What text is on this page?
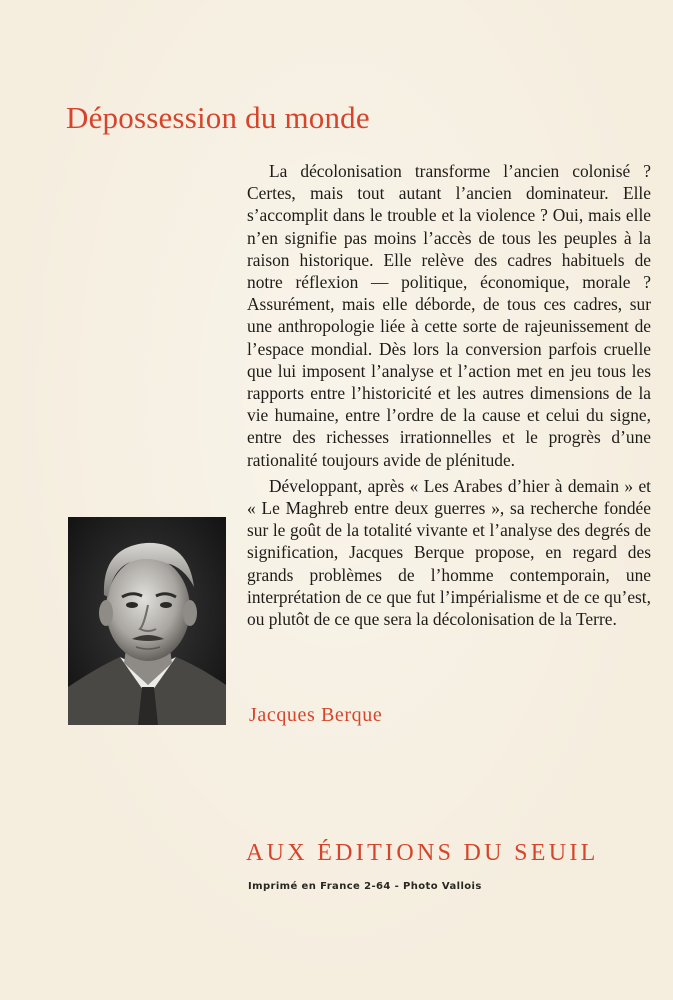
Dépossession du monde

La décolonisation transforme l’ancien colonisé ? Certes, mais tout autant l’ancien dominateur. Elle s’accomplit dans le trouble et la violence ? Oui, mais elle n’en signifie pas moins l’accès de tous les peuples à la raison historique. Elle relève des cadres habituels de notre réflexion — politique, économique, morale ? Assurément, mais elle déborde, de tous ces cadres, sur une anthropologie liée à cette sorte de rajeunissement de l’espace mondial. Dès lors la conversion parfois cruelle que lui imposent l’analyse et l’action met en jeu tous les rapports entre l’historicité et les autres dimensions de la vie humaine, entre l’ordre de la cause et celui du signe, entre des richesses irrationnelles et le progrès d’une rationalité toujours avide de plénitude.

Développant, après « Les Arabes d’hier à demain » et « Le Maghreb entre deux guerres », sa recherche fondée sur le goût de la totalité vivante et l’analyse des degrés de signification, Jacques Berque propose, en regard des grands problèmes de l’homme contemporain, une interprétation de ce que fut l’impérialisme et de ce qu’est, ou plutôt de ce que sera la décolonisation de la Terre.

Jacques Berque
AUX ÉDITIONS DU SEUIL
Imprimé en France 2-64 - Photo Vallois
